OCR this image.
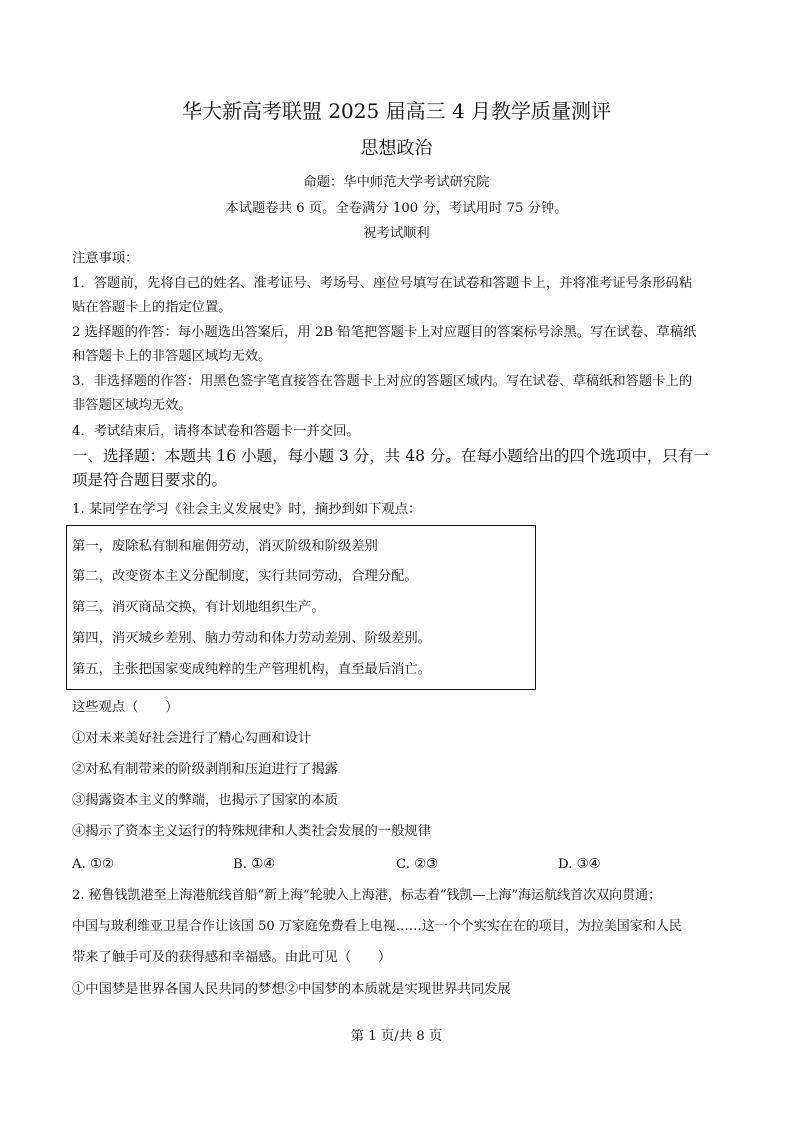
华大新高考联盟 2025 届高三 4 月教学质量测评
思想政治
命题：华中师范大学考试研究院
本试题卷共 6 页。全卷满分 100 分，考试用时 75 分钟。
祝考试顺利
注意事项：
1．答题前，先将自己的姓名、准考证号、考场号、座位号填写在试卷和答题卡上，并将准考证号条形码粘
贴在答题卡上的指定位置。
2 选择题的作答：每小题选出答案后，用 2B 铅笔把答题卡上对应题目的答案标号涂黑。写在试卷、草稿纸
和答题卡上的非答题区域均无效。
3．非选择题的作答：用黑色签字笔直接答在答题卡上对应的答题区域内。写在试卷、草稿纸和答题卡上的
非答题区域均无效。
4．考试结束后，请将本试卷和答题卡一并交回。
一、选择题：本题共 16 小题，每小题 3 分，共 48 分。在每小题给出的四个选项中，只有一
项是符合题目要求的。
1. 某同学在学习《社会主义发展史》时，摘抄到如下观点：
第一，废除私有制和雇佣劳动，消灭阶级和阶级差别
第二，改变资本主义分配制度，实行共同劳动，合理分配。
第三，消灭商品交换，有计划地组织生产。
第四，消灭城乡差别、脑力劳动和体力劳动差别、阶级差别。
第五，主张把国家变成纯粹的生产管理机构，直至最后消亡。
这些观点（　　）
①对未来美好社会进行了精心勾画和设计
②对私有制带来的阶级剥削和压迫进行了揭露
③揭露资本主义的弊端，也揭示了国家的本质
④揭示了资本主义运行的特殊规律和人类社会发展的一般规律
A. ①②	B. ①④	C. ②③	D. ③④
2. 秘鲁钱凯港至上海港航线首船“新上海”轮驶入上海港，标志着“钱凯—上海”海运航线首次双向贯通；
中国与玻利维亚卫星合作让该国 50 万家庭免费看上电视……这一个个实实在在的项目，为拉美国家和人民
带来了触手可及的获得感和幸福感。由此可见（　　）
①中国梦是世界各国人民共同的梦想②中国梦的本质就是实现世界共同发展
第 1 页/共 8 页
